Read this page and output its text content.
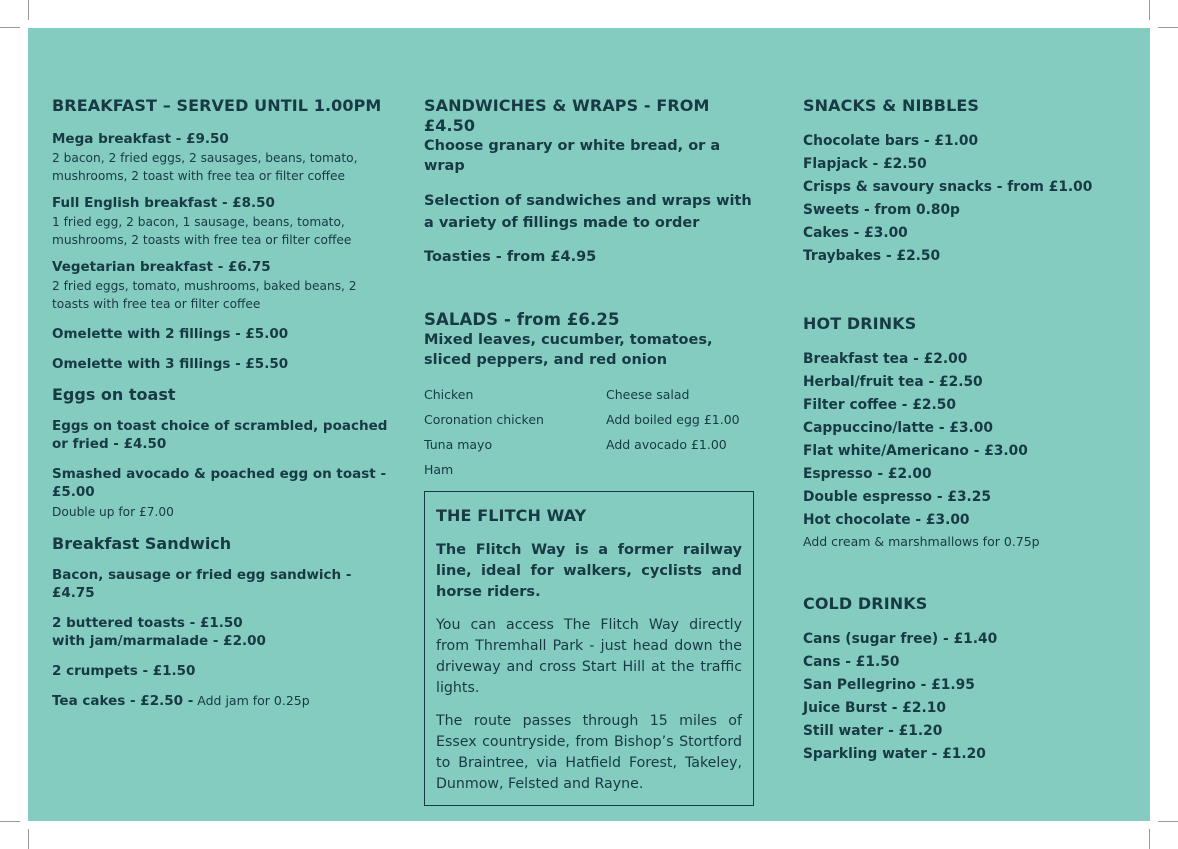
BREAKFAST – SERVED UNTIL 1.00PM

Mega breakfast - £9.50

2 bacon, 2 fried eggs, 2 sausages, beans, tomato, mushrooms, 2 toast with free tea or filter coffee

Full English breakfast - £8.50

1 fried egg, 2 bacon, 1 sausage, beans, tomato, mushrooms, 2 toasts with free tea or filter coffee

Vegetarian breakfast - £6.75

2 fried eggs, tomato, mushrooms, baked beans, 2 toasts with free tea or filter coffee

Omelette with 2 fillings - £5.00

Omelette with 3 fillings - £5.50

Eggs on toast

Eggs on toast choice of scrambled, poached or fried - £4.50

Smashed avocado & poached egg on toast - £5.00

Double up for £7.00

Breakfast Sandwich

Bacon, sausage or fried egg sandwich - £4.75

2 buttered toasts - £1.50

with jam/marmalade - £2.00

2 crumpets - £1.50

Tea cakes - £2.50 - Add jam for 0.25p

SANDWICHES & WRAPS - FROM £4.50

Choose granary or white bread, or a wrap

Selection of sandwiches and wraps with a variety of fillings made to order

Toasties - from £4.95

SALADS - from £6.25

Mixed leaves, cucumber, tomatoes, sliced peppers, and red onion

Chicken	Cheese salad
Coronation chicken	Add boiled egg £1.00
Tuna mayo	Add avocado £1.00
Ham
THE FLITCH WAY

The Flitch Way is a former railway line, ideal for walkers, cyclists and horse riders.

You can access The Flitch Way directly from Thremhall Park - just head down the driveway and cross Start Hill at the traffic lights.

The route passes through 15 miles of Essex countryside, from Bishop’s Stortford to Braintree, via Hatfield Forest, Takeley, Dunmow, Felsted and Rayne.

SNACKS & NIBBLES

Chocolate bars - £1.00

Flapjack - £2.50

Crisps & savoury snacks - from £1.00

Sweets - from 0.80p

Cakes - £3.00

Traybakes - £2.50

HOT DRINKS

Breakfast tea - £2.00

Herbal/fruit tea - £2.50

Filter coffee - £2.50

Cappuccino/latte - £3.00

Flat white/Americano - £3.00

Espresso - £2.00

Double espresso - £3.25

Hot chocolate - £3.00

Add cream & marshmallows for 0.75p

COLD DRINKS

Cans (sugar free) - £1.40

Cans - £1.50

San Pellegrino - £1.95

Juice Burst - £2.10

Still water - £1.20

Sparkling water - £1.20
